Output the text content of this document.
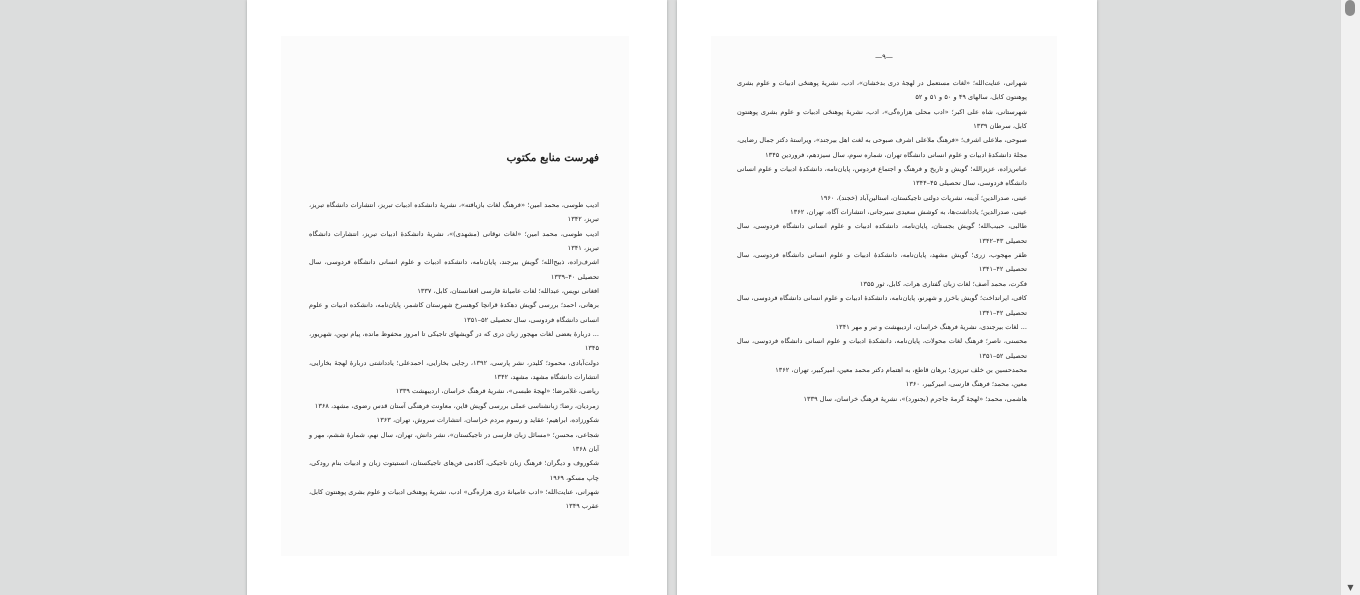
فهرست منابع مکتوب
ادیب طوسی، محمد امین؛ «فرهنگ لغات بازیافته»، نشریهٔ دانشکده ادبیات تبریز، انتشارات دانشگاه تبریز، تبریز، ۱۳۴۲
ادیب طوسی، محمد امین؛ «لغات نوقانی (مشهدی)»، نشریهٔ دانشکدهٔ ادبیات تبریز، انتشارات دانشگاه تبریز، ۱۳۴۱
اشرف‌زاده، ذبیح‌الله؛ گویش بیرجند، پایان‌نامه، دانشکده ادبیات و علوم انسانی دانشگاه فردوسی، سال تحصیلی ۴۰–۱۳۳۹
افغانی نویس، عبدالله؛ لغات عامیانهٔ فارسی افغانستان، کابل، ۱۳۳۷
برهانی، احمد؛ بررسی گویش دهکدهٔ قرانچا کوهسرخ شهرستان کاشمر، پایان‌نامه، دانشکده ادبیات و علوم انسانی دانشگاه فردوسی، سال تحصیلی ۵۲–۱۳۵۱
... دربارهٔ بعضی لغات مهجور زبان دری که در گویشهای تاجیکی تا امروز محفوظ مانده، پیام نوین، شهریور، ۱۳۴۵
دولت‌آبادی، محمود؛ کلیدر، نشر پارسی، ۱۳۹۲، رجایی بخارایی، احمدعلی؛ یادداشتی دربارهٔ لهجهٔ بخارایی، انتشارات دانشگاه مشهد، مشهد، ۱۳۴۲
ریاضی، غلامرضا؛ «لهجهٔ طبسی»، نشریهٔ فرهنگ خراسان، اردیبهشت ۱۳۳۹
زمردیان، رضا؛ زبانشناسی عملی بررسی گویش قاین، معاونت فرهنگی آستان قدس رضوی، مشهد، ۱۳۶۸
شکورزاده، ابراهیم؛ عقاید و رسوم مردم خراسان، انتشارات سروش، تهران، ۱۳۶۳
شجاعی، محسن؛ «مسائل زبان فارسی در تاجیکستان»، نشر دانش، تهران، سال نهم، شمارهٔ ششم، مهر و آبان ۱۳۶۸
شکوروف و دیگران؛ فرهنگ زبان تاجیکی، آکادمی فن‌های تاجیکستان، انستیتوت زبان و ادبیات بنام رودکی، چاپ مسکو، ۱۹۶۹
شهرانی، عنایت‌الله؛ «ادب عامیانهٔ دری هزاره‌گی» ادب، نشریهٔ پوهنځی ادبیات و علوم بشری پوهنتون کابل، عقرب ۱۳۴۹
—۹—
شهرانی، عنایت‌الله؛ «لغات مستعمل در لهجهٔ دری بدخشان»، ادب، نشریهٔ پوهنځی ادبیات و علوم بشری پوهنتون کابل، سالهای ۴۹ و ۵۰ و ۵۱ و ۵۲
شهرستانی، شاه علی اکبر؛ «ادب محلی هزاره‌گی»، ادب، نشریهٔ پوهنځی ادبیات و علوم بشری پوهنتون کابل، سرطان ۱۳۳۹
صبوحی، ملاعلی اشرف؛ «فرهنگ ملاعلی اشرف صبوحی به لغت اهل بیرجند»، ویراستهٔ دکتر جمال رضایی، مجلهٔ دانشکدهٔ ادبیات و علوم انسانی دانشگاه تهران، شماره سوم، سال سیزدهم، فروردین ۱۳۴۵
عباس‌زاده، عزیزالله؛ گویش و تاریخ و فرهنگ و اجتماع فردوس، پایان‌نامه، دانشکدهٔ ادبیات و علوم انسانی دانشگاه فردوسی، سال تحصیلی ۴۵–۱۳۴۴
عینی، صدرالدین؛ آدینه، نشریات دولتی تاجیکستان، استالین‌آباد (خجند)، ۱۹۶۰
عینی، صدرالدین؛ یادداشت‌ها، به کوشش سعیدی سیرجانی، انتشارات آگاه، تهران، ۱۳۶۲
طالبی، حبیب‌الله؛ گویش بجستان، پایان‌نامه، دانشکده ادبیات و علوم انسانی دانشگاه فردوسی، سال تحصیلی ۴۳–۱۳۴۲
ظفر مهجوب، زری؛ گویش مشهد، پایان‌نامه، دانشکدهٔ ادبیات و علوم انسانی دانشگاه فردوسی، سال تحصیلی ۴۲–۱۳۴۱
فکرت، محمد آصف؛ لغات زبان گفتاری هرات، کابل، ثور ۱۳۵۵
کافی، ایرانداخت؛ گویش باخرز و شهرنو، پایان‌نامه، دانشکدهٔ ادبیات و علوم انسانی دانشگاه فردوسی، سال تحصیلی ۴۲–۱۳۴۱
... لغات بیرجندی، نشریهٔ فرهنگ خراسان، اردیبهشت و تیر و مهر ۱۳۴۱
محسنی، ناصر؛ فرهنگ لغات محولات، پایان‌نامه، دانشکدهٔ ادبیات و علوم انسانی دانشگاه فردوسی، سال تحصیلی ۵۲–۱۳۵۱
محمدحسین بن خلف تبریزی؛ برهان قاطع، به اهتمام دکتر محمد معین، امیرکبیر، تهران، ۱۳۶۲
معین، محمد؛ فرهنگ فارسی، امیرکبیر، ۱۳۶۰
هاشمی، محمد؛ «لهجهٔ گرمهٔ جاجرم (بجنورد)»، نشریهٔ فرهنگ خراسان، سال ۱۳۳۹
▼
